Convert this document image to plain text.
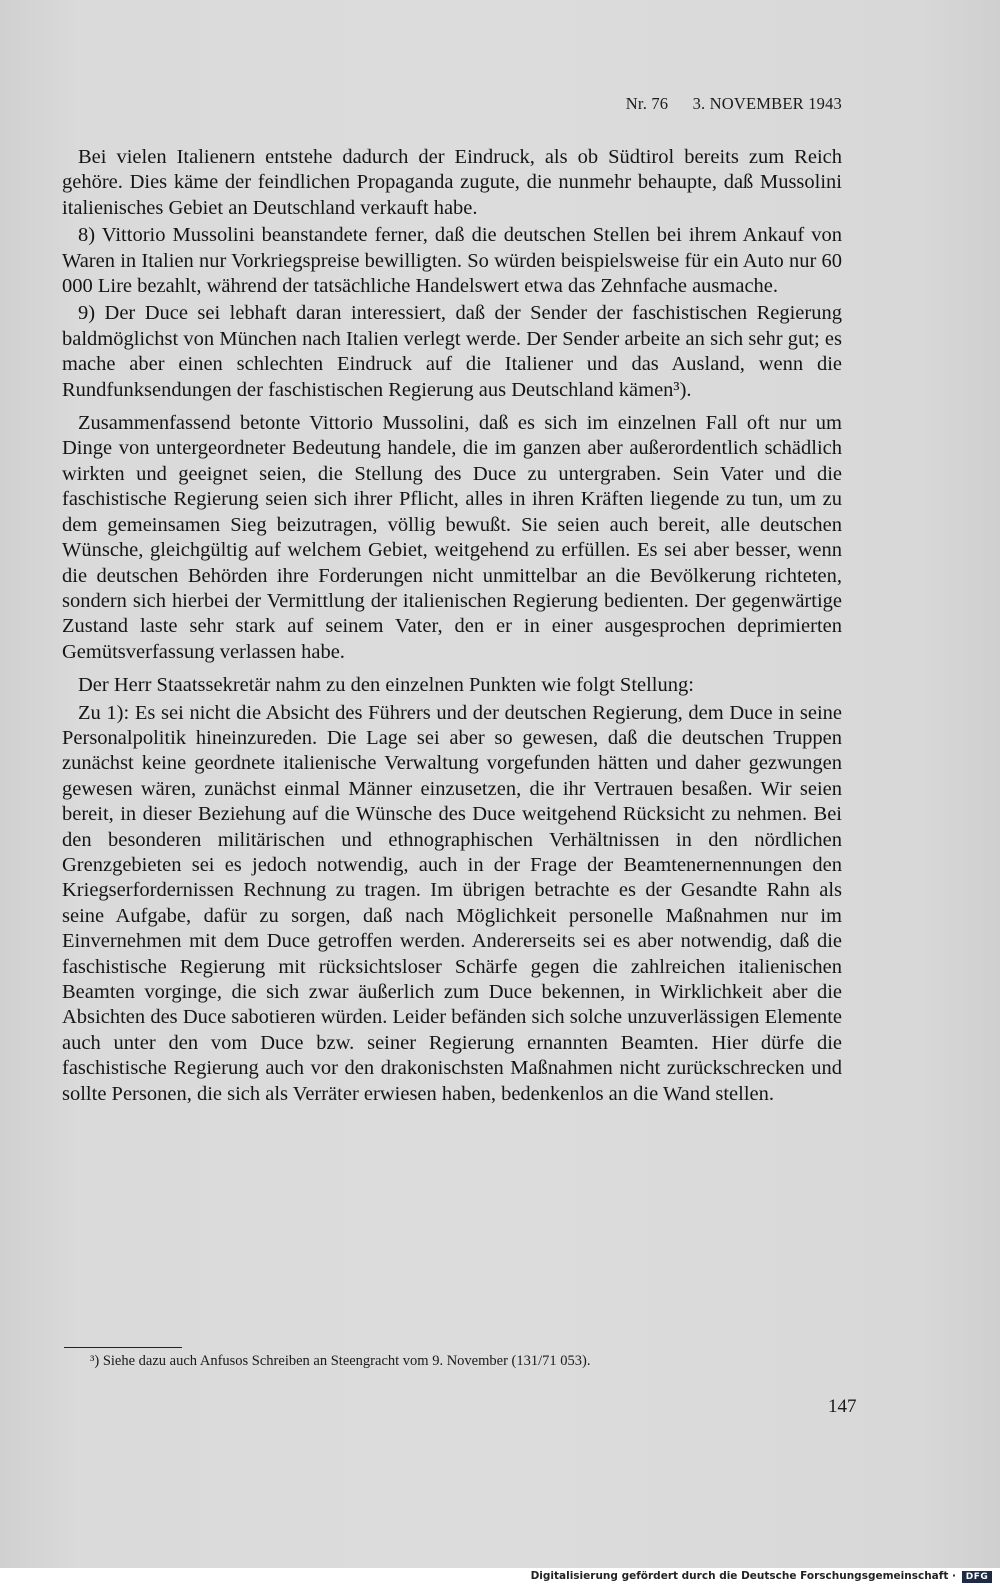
Nr. 76 3. NOVEMBER 1943

Bei vielen Italienern entstehe dadurch der Eindruck, als ob Südtirol bereits zum Reich gehöre. Dies käme der feindlichen Propaganda zugute, die nunmehr behaupte, daß Mussolini italienisches Gebiet an Deutschland verkauft habe.

8) Vittorio Mussolini beanstandete ferner, daß die deutschen Stellen bei ihrem Ankauf von Waren in Italien nur Vorkriegspreise bewilligten. So würden beispielsweise für ein Auto nur 60 000 Lire bezahlt, während der tatsächliche Handelswert etwa das Zehnfache ausmache.

9) Der Duce sei lebhaft daran interessiert, daß der Sender der faschistischen Regierung baldmöglichst von München nach Italien verlegt werde. Der Sender arbeite an sich sehr gut; es mache aber einen schlechten Eindruck auf die Italiener und das Ausland, wenn die Rundfunksendungen der faschistischen Regierung aus Deutschland kämen³).

Zusammenfassend betonte Vittorio Mussolini, daß es sich im einzelnen Fall oft nur um Dinge von untergeordneter Bedeutung handele, die im ganzen aber außerordentlich schädlich wirkten und geeignet seien, die Stellung des Duce zu untergraben. Sein Vater und die faschistische Regierung seien sich ihrer Pflicht, alles in ihren Kräften liegende zu tun, um zu dem gemeinsamen Sieg beizutragen, völlig bewußt. Sie seien auch bereit, alle deutschen Wünsche, gleichgültig auf welchem Gebiet, weitgehend zu erfüllen. Es sei aber besser, wenn die deutschen Behörden ihre Forderungen nicht unmittelbar an die Bevölkerung richteten, sondern sich hierbei der Vermittlung der italienischen Regierung bedienten. Der gegenwärtige Zustand laste sehr stark auf seinem Vater, den er in einer ausgesprochen deprimierten Gemütsverfassung verlassen habe.

Der Herr Staatssekretär nahm zu den einzelnen Punkten wie folgt Stellung:

Zu 1): Es sei nicht die Absicht des Führers und der deutschen Regierung, dem Duce in seine Personalpolitik hineinzureden. Die Lage sei aber so gewesen, daß die deutschen Truppen zunächst keine geordnete italienische Verwaltung vorgefunden hätten und daher gezwungen gewesen wären, zunächst einmal Männer einzusetzen, die ihr Vertrauen besaßen. Wir seien bereit, in dieser Beziehung auf die Wünsche des Duce weitgehend Rücksicht zu nehmen. Bei den besonderen militärischen und ethnographischen Verhältnissen in den nördlichen Grenzgebieten sei es jedoch notwendig, auch in der Frage der Beamtenernennungen den Kriegserfordernissen Rechnung zu tragen. Im übrigen betrachte es der Gesandte Rahn als seine Aufgabe, dafür zu sorgen, daß nach Möglichkeit personelle Maßnahmen nur im Einvernehmen mit dem Duce getroffen werden. Andererseits sei es aber notwendig, daß die faschistische Regierung mit rücksichtsloser Schärfe gegen die zahlreichen italienischen Beamten vorginge, die sich zwar äußerlich zum Duce bekennen, in Wirklichkeit aber die Absichten des Duce sabotieren würden. Leider befänden sich solche unzuverlässigen Elemente auch unter den vom Duce bzw. seiner Regierung ernannten Beamten. Hier dürfe die faschistische Regierung auch vor den drakonischsten Maßnahmen nicht zurückschrecken und sollte Personen, die sich als Verräter erwiesen haben, bedenkenlos an die Wand stellen.

³) Siehe dazu auch Anfusos Schreiben an Steengracht vom 9. November (131/71 053).
147
Digitalisierung gefördert durch die Deutsche Forschungsgemeinschaft ·	DFG
